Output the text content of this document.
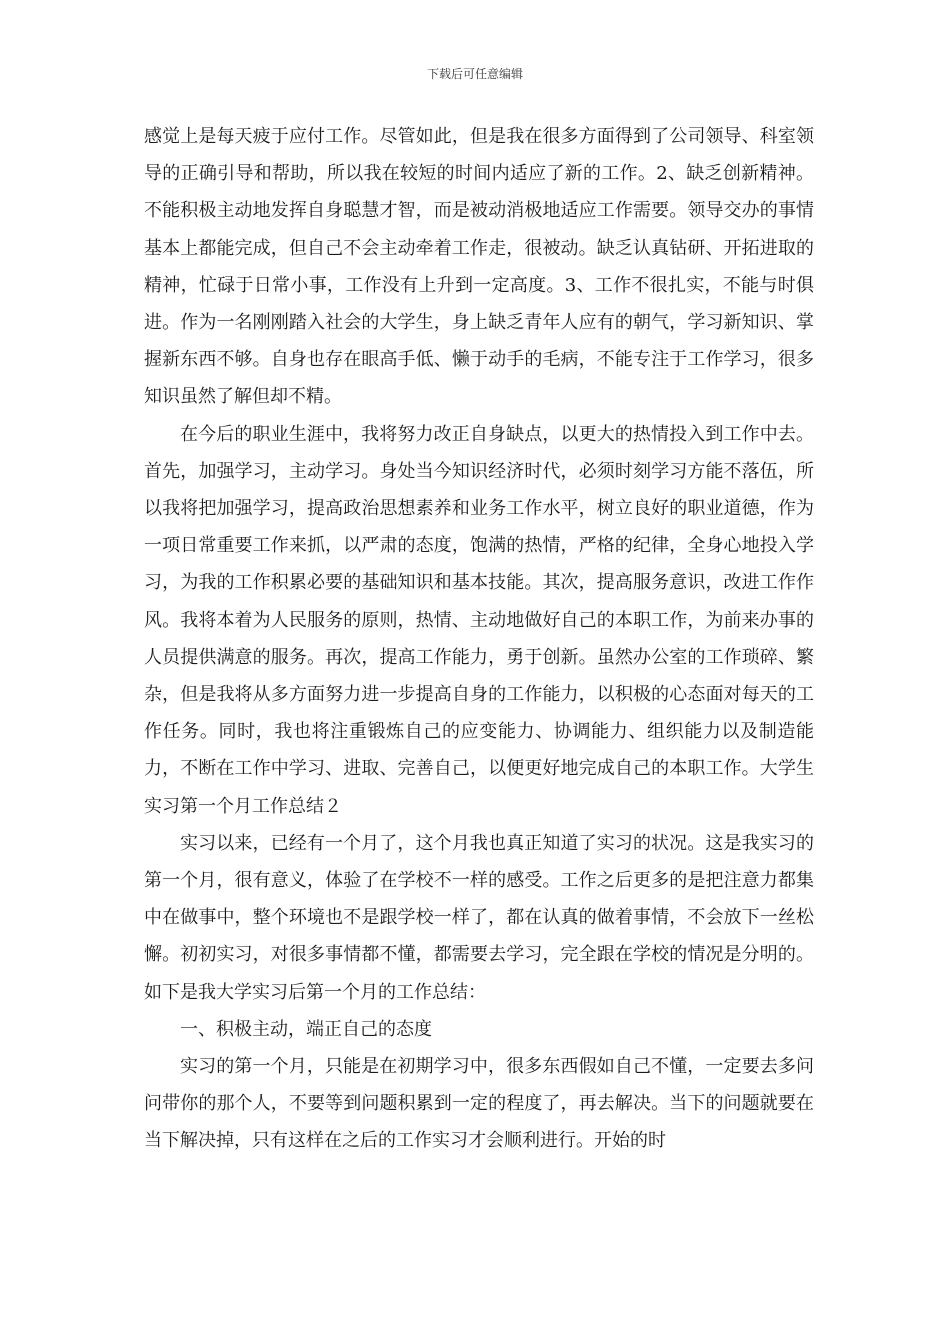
下载后可任意编辑

感觉上是每天疲于应付工作。尽管如此，但是我在很多方面得到了公司领导、科室领导的正确引导和帮助，所以我在较短的时间内适应了新的工作。2、缺乏创新精神。不能积极主动地发挥自身聪慧才智，而是被动消极地适应工作需要。领导交办的事情基本上都能完成，但自己不会主动牵着工作走，很被动。缺乏认真钻研、开拓进取的精神，忙碌于日常小事，工作没有上升到一定高度。3、工作不很扎实，不能与时俱进。作为一名刚刚踏入社会的大学生，身上缺乏青年人应有的朝气，学习新知识、掌握新东西不够。自身也存在眼高手低、懒于动手的毛病，不能专注于工作学习，很多知识虽然了解但却不精。

在今后的职业生涯中，我将努力改正自身缺点，以更大的热情投入到工作中去。首先，加强学习，主动学习。身处当今知识经济时代，必须时刻学习方能不落伍，所以我将把加强学习，提高政治思想素养和业务工作水平，树立良好的职业道德，作为一项日常重要工作来抓，以严肃的态度，饱满的热情，严格的纪律，全身心地投入学习，为我的工作积累必要的基础知识和基本技能。其次，提高服务意识，改进工作作风。我将本着为人民服务的原则，热情、主动地做好自己的本职工作，为前来办事的人员提供满意的服务。再次，提高工作能力，勇于创新。虽然办公室的工作琐碎、繁杂，但是我将从多方面努力进一步提高自身的工作能力，以积极的心态面对每天的工作任务。同时，我也将注重锻炼自己的应变能力、协调能力、组织能力以及制造能力，不断在工作中学习、进取、完善自己，以便更好地完成自己的本职工作。大学生实习第一个月工作总结２

实习以来，已经有一个月了，这个月我也真正知道了实习的状况。这是我实习的第一个月，很有意义，体验了在学校不一样的感受。工作之后更多的是把注意力都集中在做事中，整个环境也不是跟学校一样了，都在认真的做着事情，不会放下一丝松懈。初初实习，对很多事情都不懂，都需要去学习，完全跟在学校的情况是分明的。如下是我大学实习后第一个月的工作总结：

一、积极主动，端正自己的态度

实习的第一个月，只能是在初期学习中，很多东西假如自己不懂，一定要去多问问带你的那个人，不要等到问题积累到一定的程度了，再去解决。当下的问题就要在当下解决掉，只有这样在之后的工作实习才会顺利进行。开始的时
